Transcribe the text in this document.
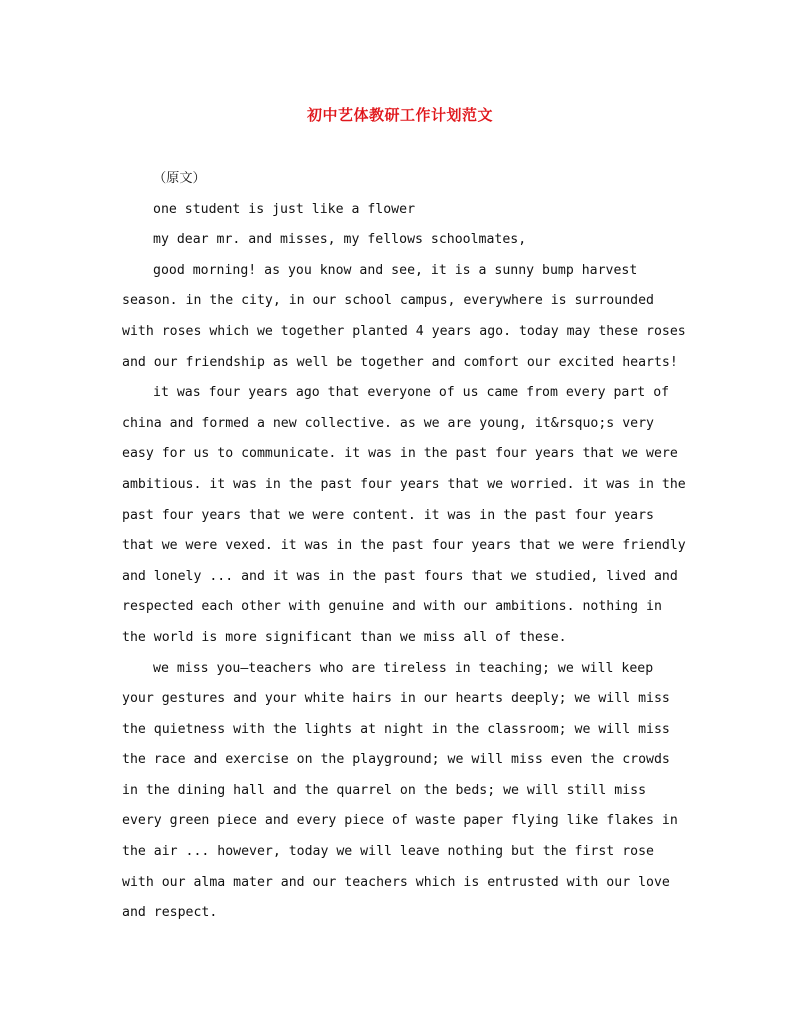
初中艺体教研工作计划范文
（原文）
one student is just like a flower
my dear mr. and misses, my fellows schoolmates,
good morning! as you know and see, it is a sunny bump harvest
season. in the city, in our school campus, everywhere is surrounded
with roses which we together planted 4 years ago. today may these roses
and our friendship as well be together and comfort our excited hearts!
it was four years ago that everyone of us came from every part of
china and formed a new collective. as we are young, it&rsquo;s very
easy for us to communicate. it was in the past four years that we were
ambitious. it was in the past four years that we worried. it was in the
past four years that we were content. it was in the past four years
that we were vexed. it was in the past four years that we were friendly
and lonely ... and it was in the past fours that we studied, lived and
respected each other with genuine and with our ambitions. nothing in
the world is more significant than we miss all of these.
we miss you—teachers who are tireless in teaching; we will keep
your gestures and your white hairs in our hearts deeply; we will miss
the quietness with the lights at night in the classroom; we will miss
the race and exercise on the playground; we will miss even the crowds
in the dining hall and the quarrel on the beds; we will still miss
every green piece and every piece of waste paper flying like flakes in
the air ... however, today we will leave nothing but the first rose
with our alma mater and our teachers which is entrusted with our love
and respect.
